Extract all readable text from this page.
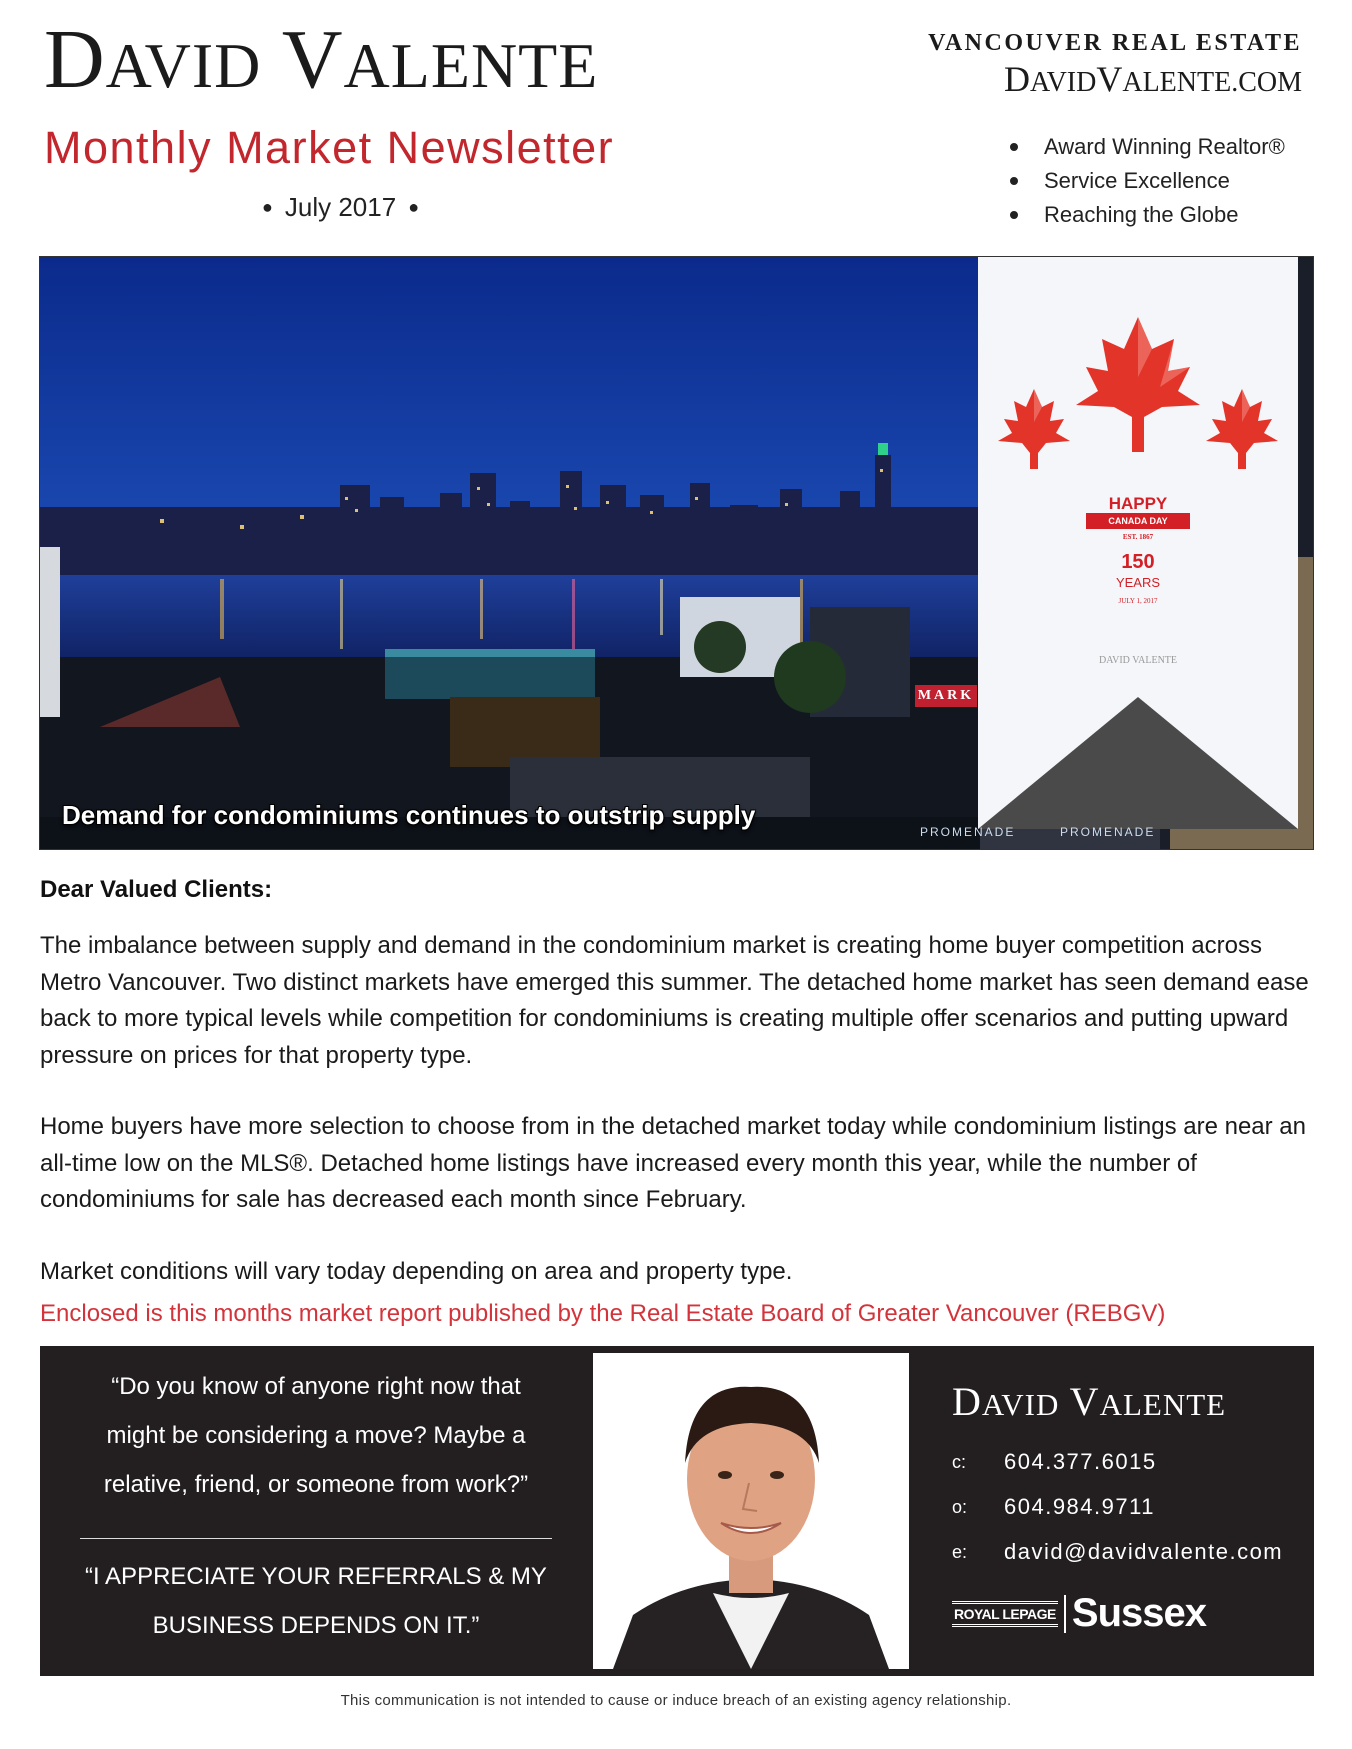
DAVID VALENTE
Monthly Market Newsletter
● July 2017 ●
VANCOUVER REAL ESTATE
DAVIDVALENTE.COM
Award Winning Realtor®
Service Excellence
Reaching the Globe
MARK
HAPPY
CANADA DAY
EST. 1867
150
YEARS
JULY 1, 2017
DAVID VALENTE
PROMENADE	PROMENADE
Demand for condominiums continues to outstrip supply
Dear Valued Clients:

The imbalance between supply and demand in the condominium market is creating home buyer competition across Metro Vancouver. Two distinct markets have emerged this summer. The detached home market has seen demand ease back to more typical levels while competition for condominiums is creating multiple offer scenarios and putting upward pressure on prices for that property type.

Home buyers have more selection to choose from in the detached market today while condominium listings are near an all-time low on the MLS®. Detached home listings have increased every month this year, while the number of condominiums for sale has decreased each month since February.

Market conditions will vary today depending on area and property type.

Enclosed is this months market report published by the Real Estate Board of Greater Vancouver (REBGV)

“Do you know of anyone right now that might be considering a move? Maybe a relative, friend, or someone from work?”

“I APPRECIATE YOUR REFERRALS & MY BUSINESS DEPENDS ON IT.”

DAVID VALENTE
c:	604.377.6015
o:	604.984.9711
e:	david@davidvalente.com
ROYAL LEPAGE Sussex
This communication is not intended to cause or induce breach of an existing agency relationship.
